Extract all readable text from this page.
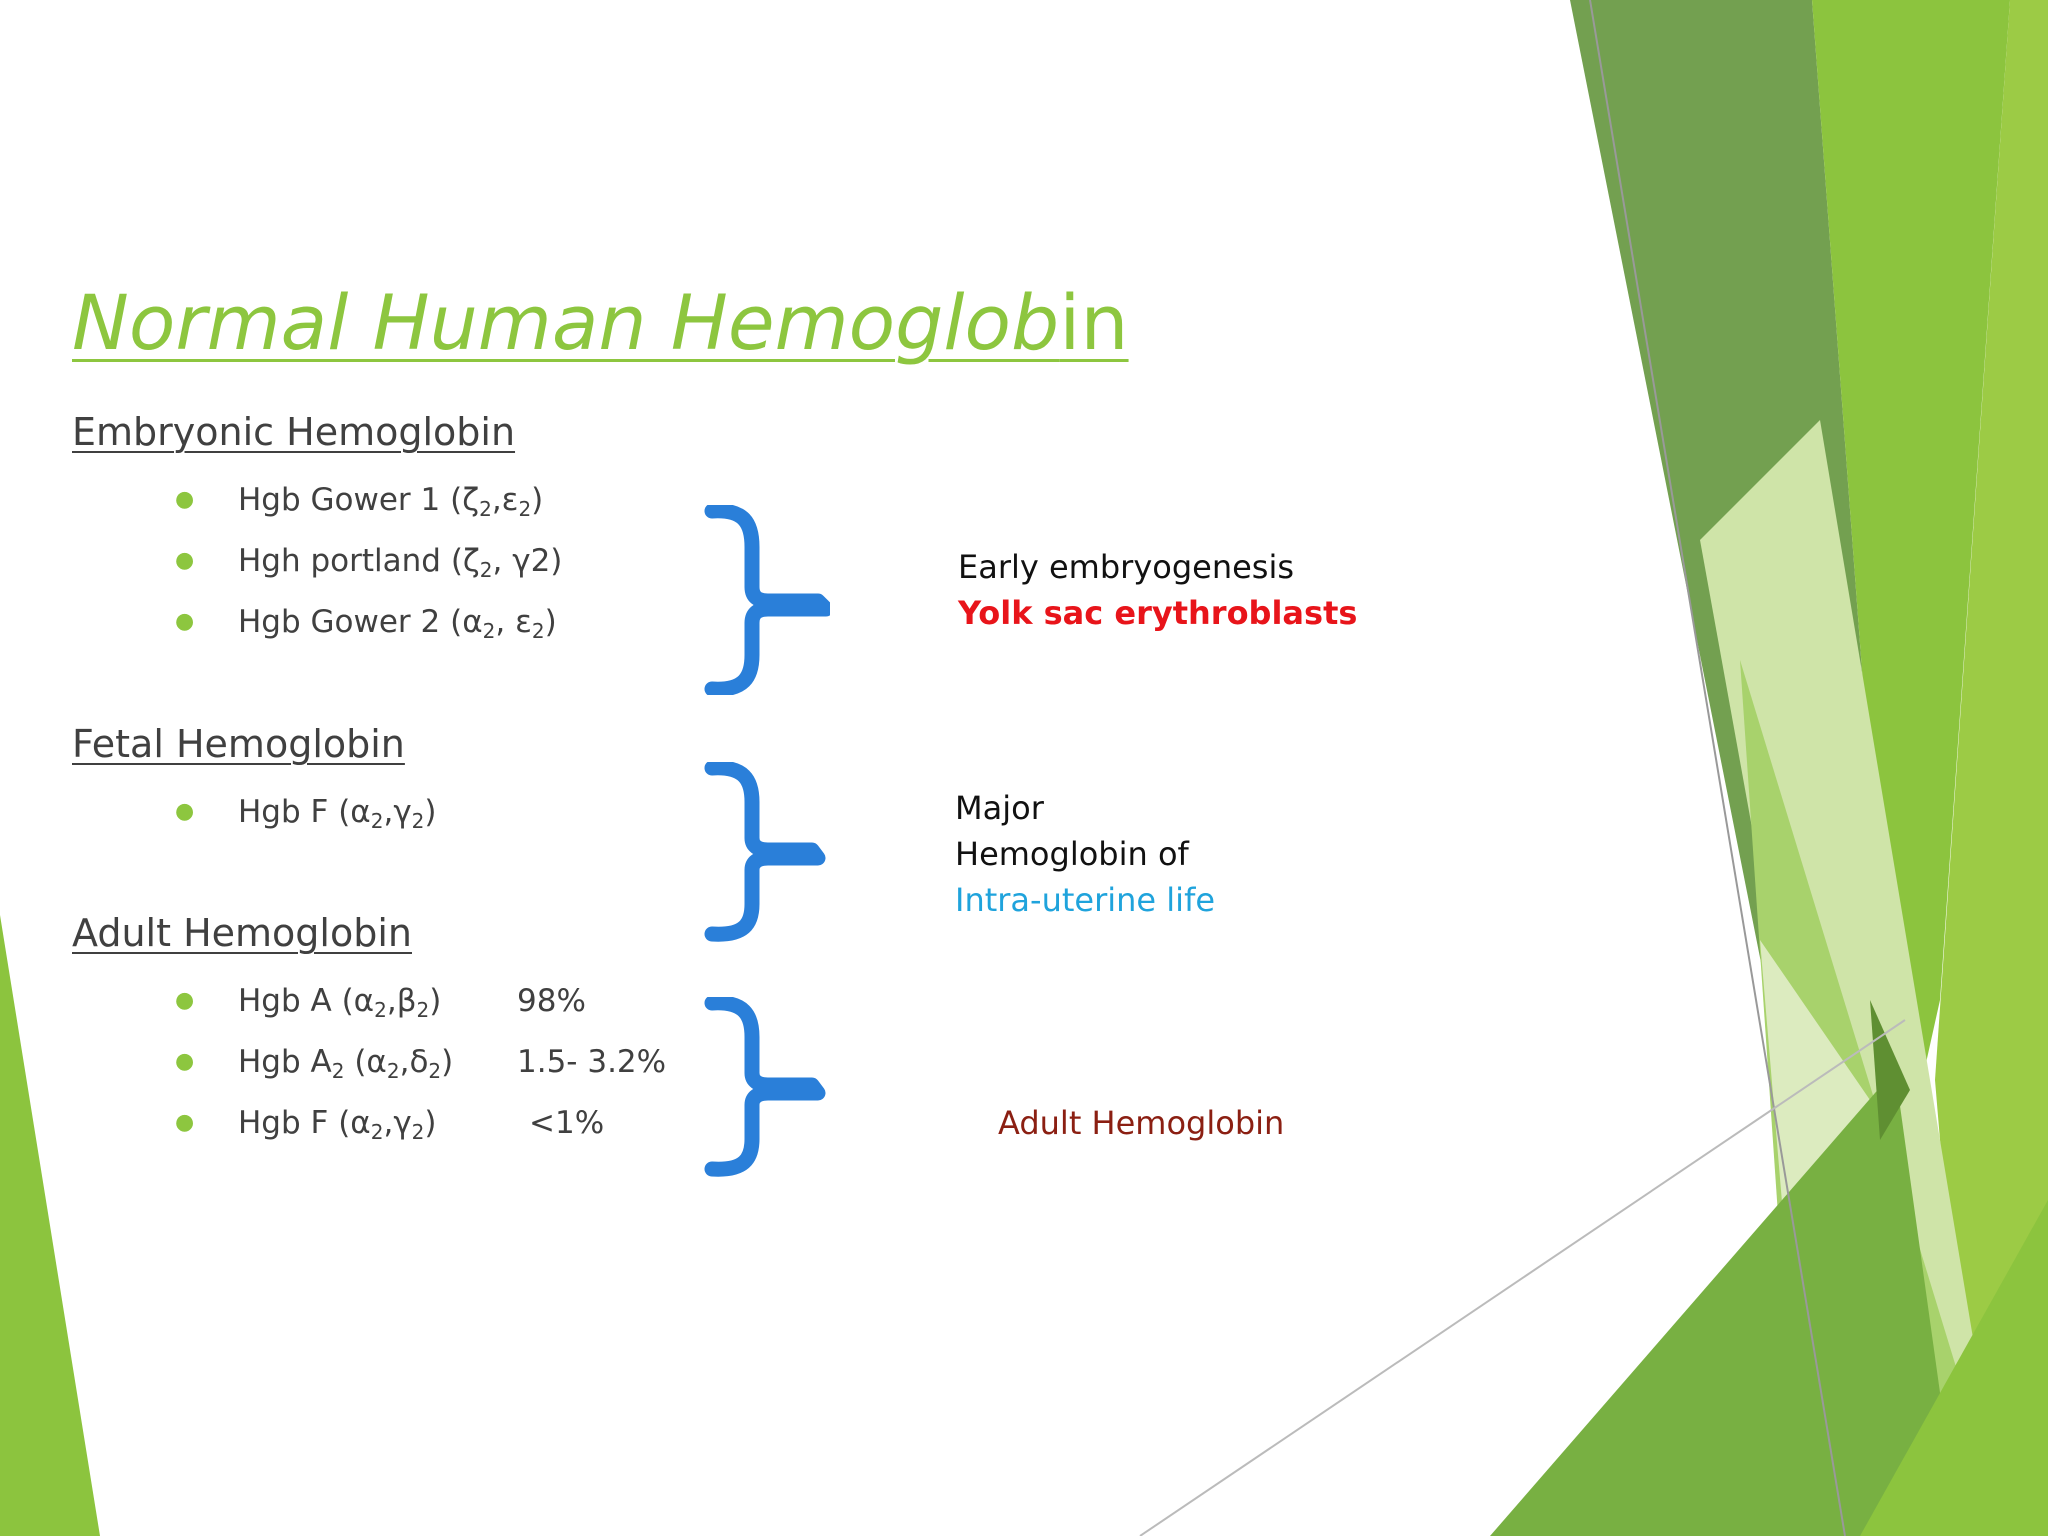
Normal Human Hemoglobin
Embryonic Hemoglobin
● Hgb Gower 1 $(\zeta_2,\varepsilon_2)$
● Hgh portland ($\zeta_2$, γ2)
● Hgb Gower 2 ($\alpha_2$, $\varepsilon_2$)
Fetal Hemoglobin
● Hgb F $(\alpha_2,\gamma_2)$
Adult Hemoglobin
● Hgb A $(\alpha_2,\beta_2)$ 98%
● Hgb $A_2$ $(\alpha_2,\delta_2)$ 1.5- 3.2%
● Hgb F $(\alpha_2,\gamma_2)$	<1%
Early embryogenesis
Yolk sac erythroblasts
Major
Hemoglobin of
Intra-uterine life
Adult Hemoglobin
